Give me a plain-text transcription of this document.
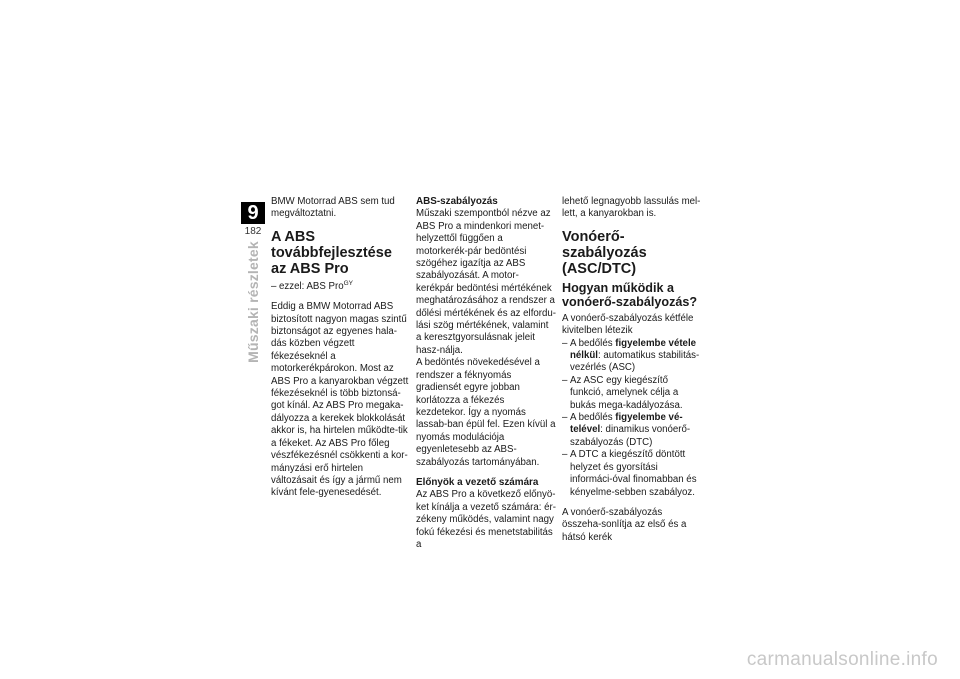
9
182
Műszaki részletek

BMW Motorrad ABS sem tud megváltoztatni.

A ABS továbbfejlesztése az ABS Pro
– ezzel: ABS Pro$^{GY}$

Eddig a BMW Motorrad ABS biztosított nagyon magas szintű biztonságot az egyenes hala-dás közben végzett fékezéseknél a motorkerékpárokon. Most az ABS Pro a kanyarokban végzett fékezéseknél is több biztonsá-got kínál. Az ABS Pro megaka-dályozza a kerekek blokkolását akkor is, ha hirtelen működte-tik a fékeket. Az ABS Pro főleg vészfékezésnél csökkenti a kor-mányzási erő hirtelen változásait és így a jármű nem kívánt fele-gyenesedését.

ABS-szabályozás

Műszaki szempontból nézve az ABS Pro a mindenkori menet-helyzettől függően a motorkerék-pár bedöntési szögéhez igazítja az ABS szabályozását. A motor-kerékpár bedöntési mértékének meghatározásához a rendszer a dőlési mértékének és az elfordu-lási szög mértékének, valamint a keresztgyorsulásnak jeleit hasz-nálja.

A bedöntés növekedésével a rendszer a féknyomás gradiensét egyre jobban korlátozza a fékezés kezdetekor. Így a nyomás lassab-ban épül fel. Ezen kívül a nyomás modulációja egyenletesebb az ABS-szabályozás tartományában.

Előnyök a vezető számára

Az ABS Pro a következő előnyö-ket kínálja a vezető számára: ér-zékeny működés, valamint nagy fokú fékezési és menetstabilitás a

lehető legnagyobb lassulás mel-lett, a kanyarokban is.

Vonóerő-szabályozás (ASC/DTC)
Hogyan működik a vonóerő-szabályozás?

A vonóerő-szabályozás kétféle kivitelben létezik

– A bedőlés figyelembe vétele nélkül: automatikus stabilitás-vezérlés (ASC)
– Az ASC egy kiegészítő funkció, amelynek célja a bukás mega-kadályozása.
– A bedőlés figyelembe vé-telével: dinamikus vonóerő-szabályozás (DTC)
– A DTC a kiegészítő döntött helyzet és gyorsítási informáci-óval finomabban és kényelme-sebben szabályoz.

A vonóerő-szabályozás összeha-sonlítja az első és a hátsó kerék

carmanualsonline.info
